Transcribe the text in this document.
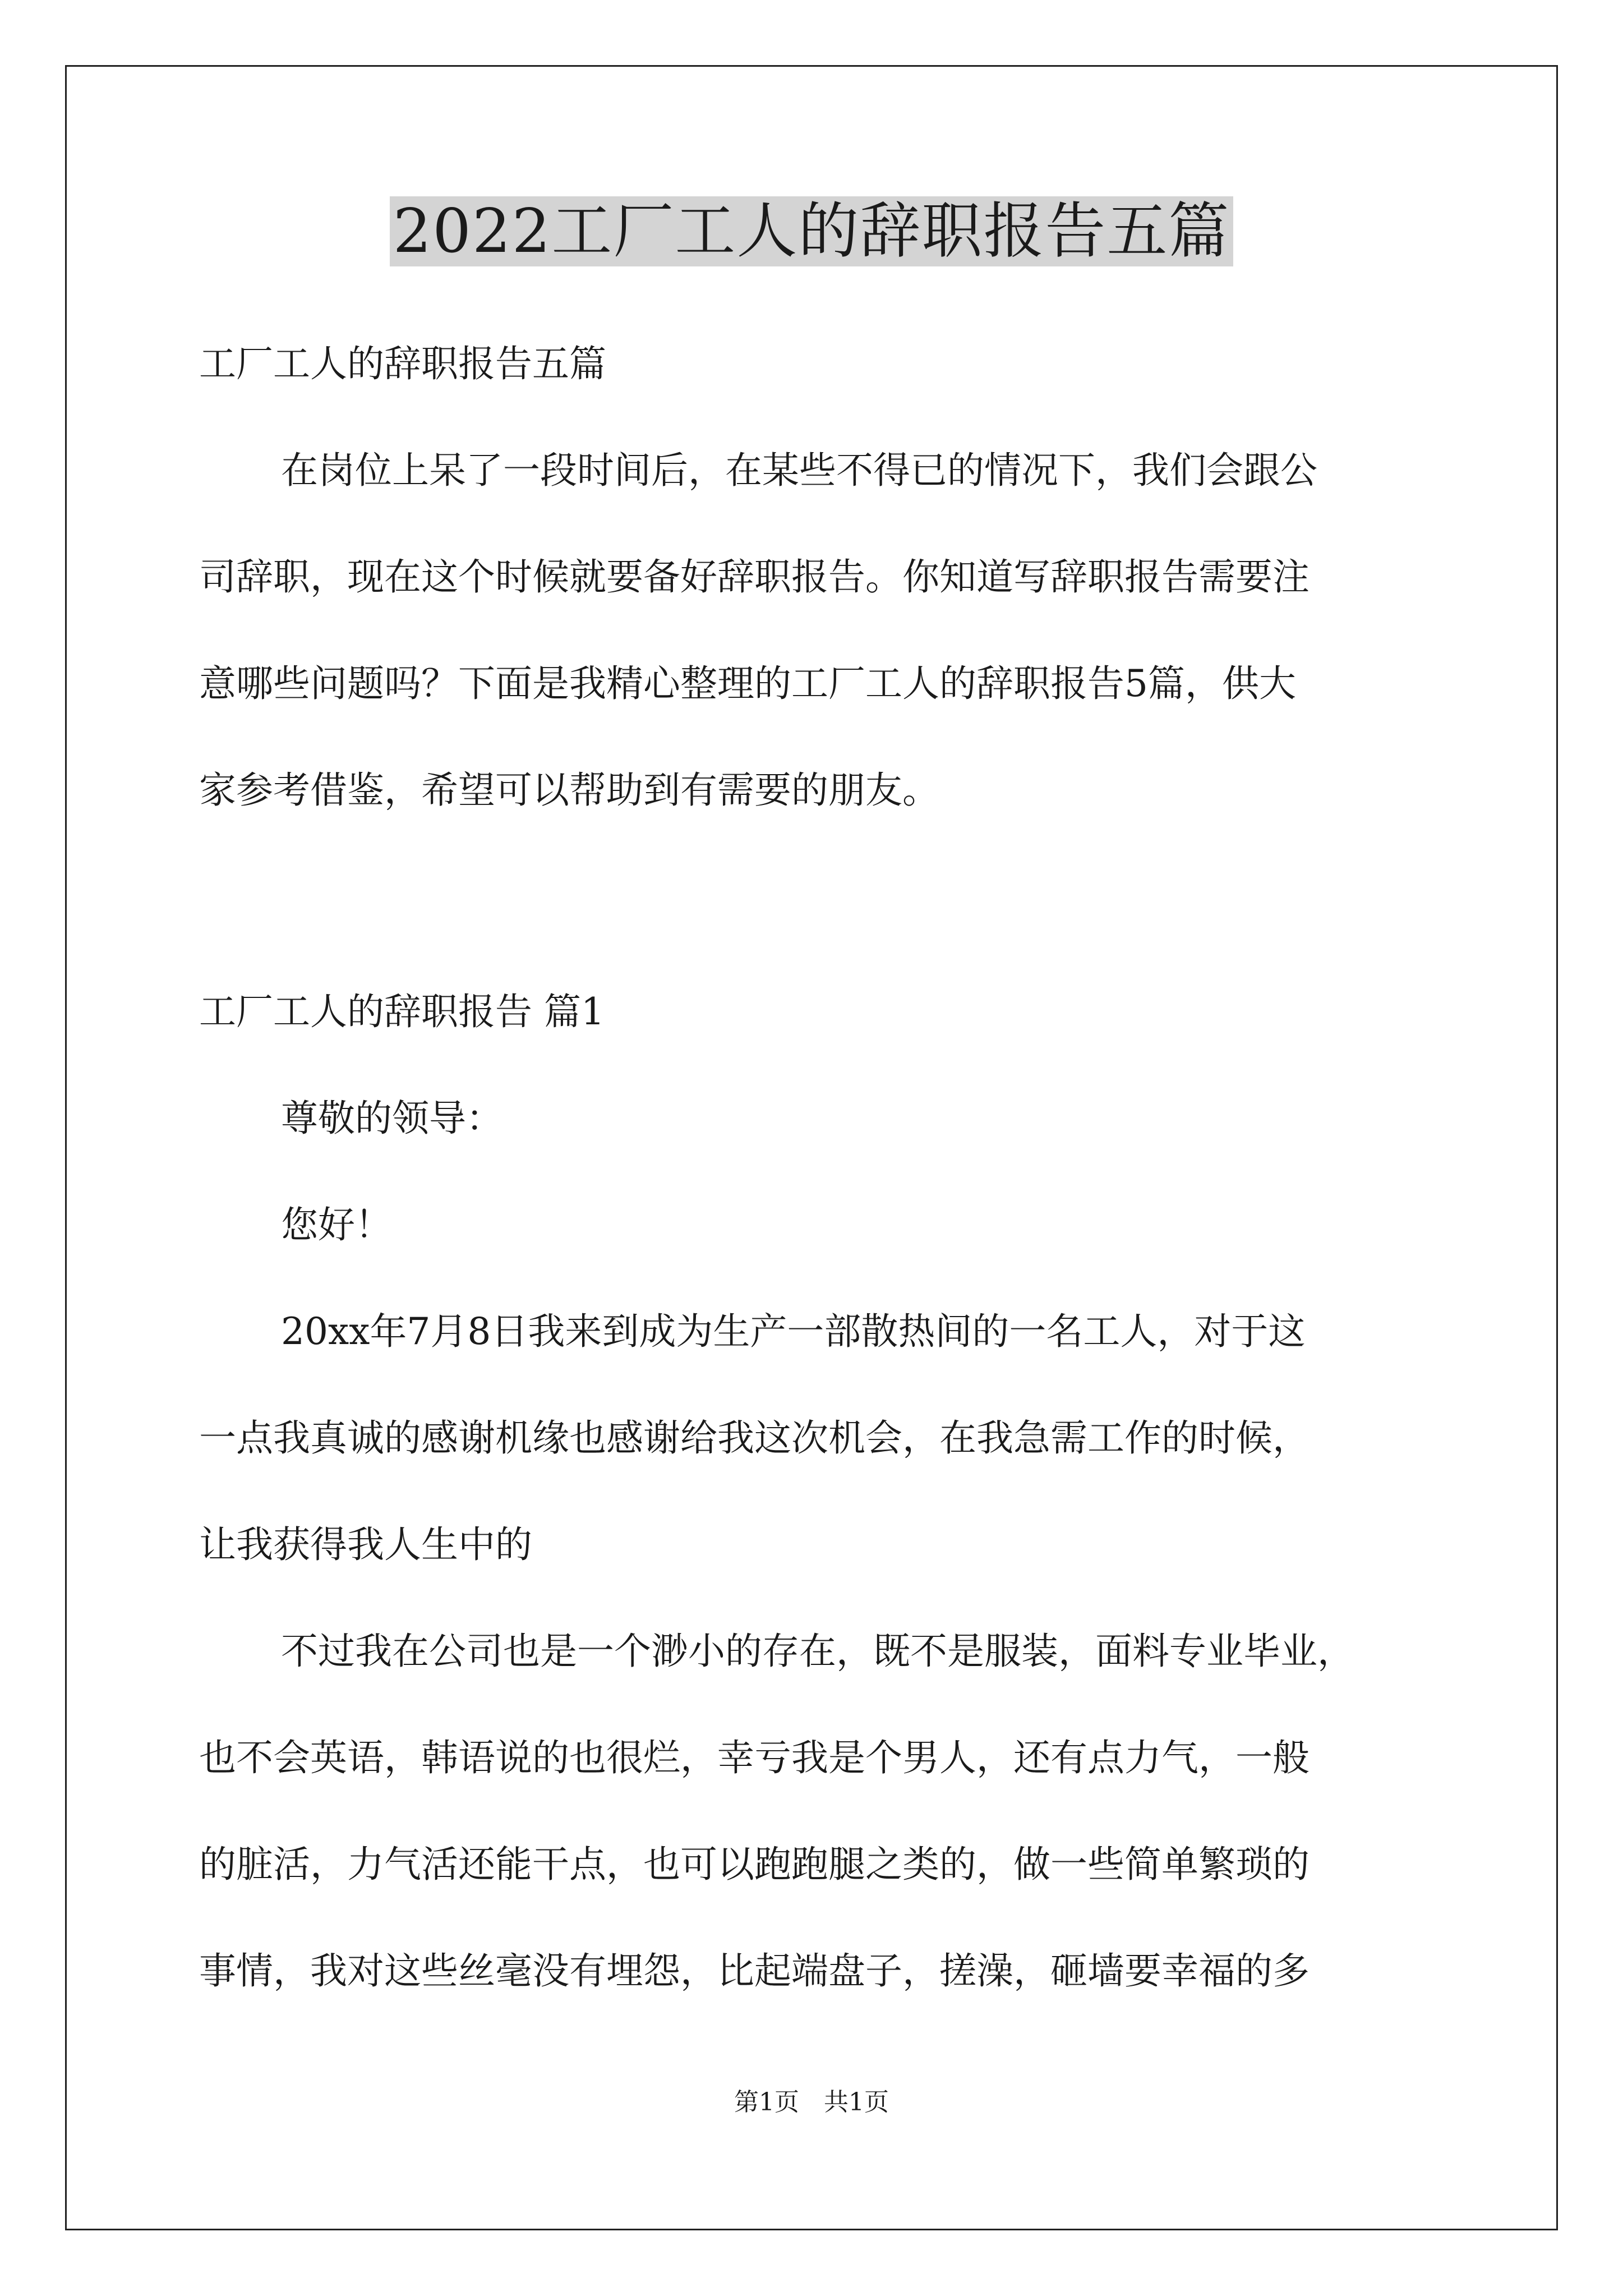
2022工厂工人的辞职报告五篇
工厂工人的辞职报告五篇
在岗位上呆了一段时间后，在某些不得已的情况下，我们会跟公
司辞职，现在这个时候就要备好辞职报告。你知道写辞职报告需要注
意哪些问题吗？下面是我精心整理的工厂工人的辞职报告5篇，供大
家参考借鉴，希望可以帮助到有需要的朋友。
工厂工人的辞职报告 篇1
尊敬的领导：
您好！
20xx年7月8日我来到成为生产一部散热间的一名工人，对于这
一点我真诚的感谢机缘也感谢给我这次机会，在我急需工作的时候，
让我获得我人生中的
不过我在公司也是一个渺小的存在，既不是服装，面料专业毕业，
也不会英语，韩语说的也很烂，幸亏我是个男人，还有点力气，一般
的脏活，力气活还能干点，也可以跑跑腿之类的，做一些简单繁琐的
事情，我对这些丝毫没有埋怨，比起端盘子，搓澡，砸墙要幸福的多
第1页　共1页
